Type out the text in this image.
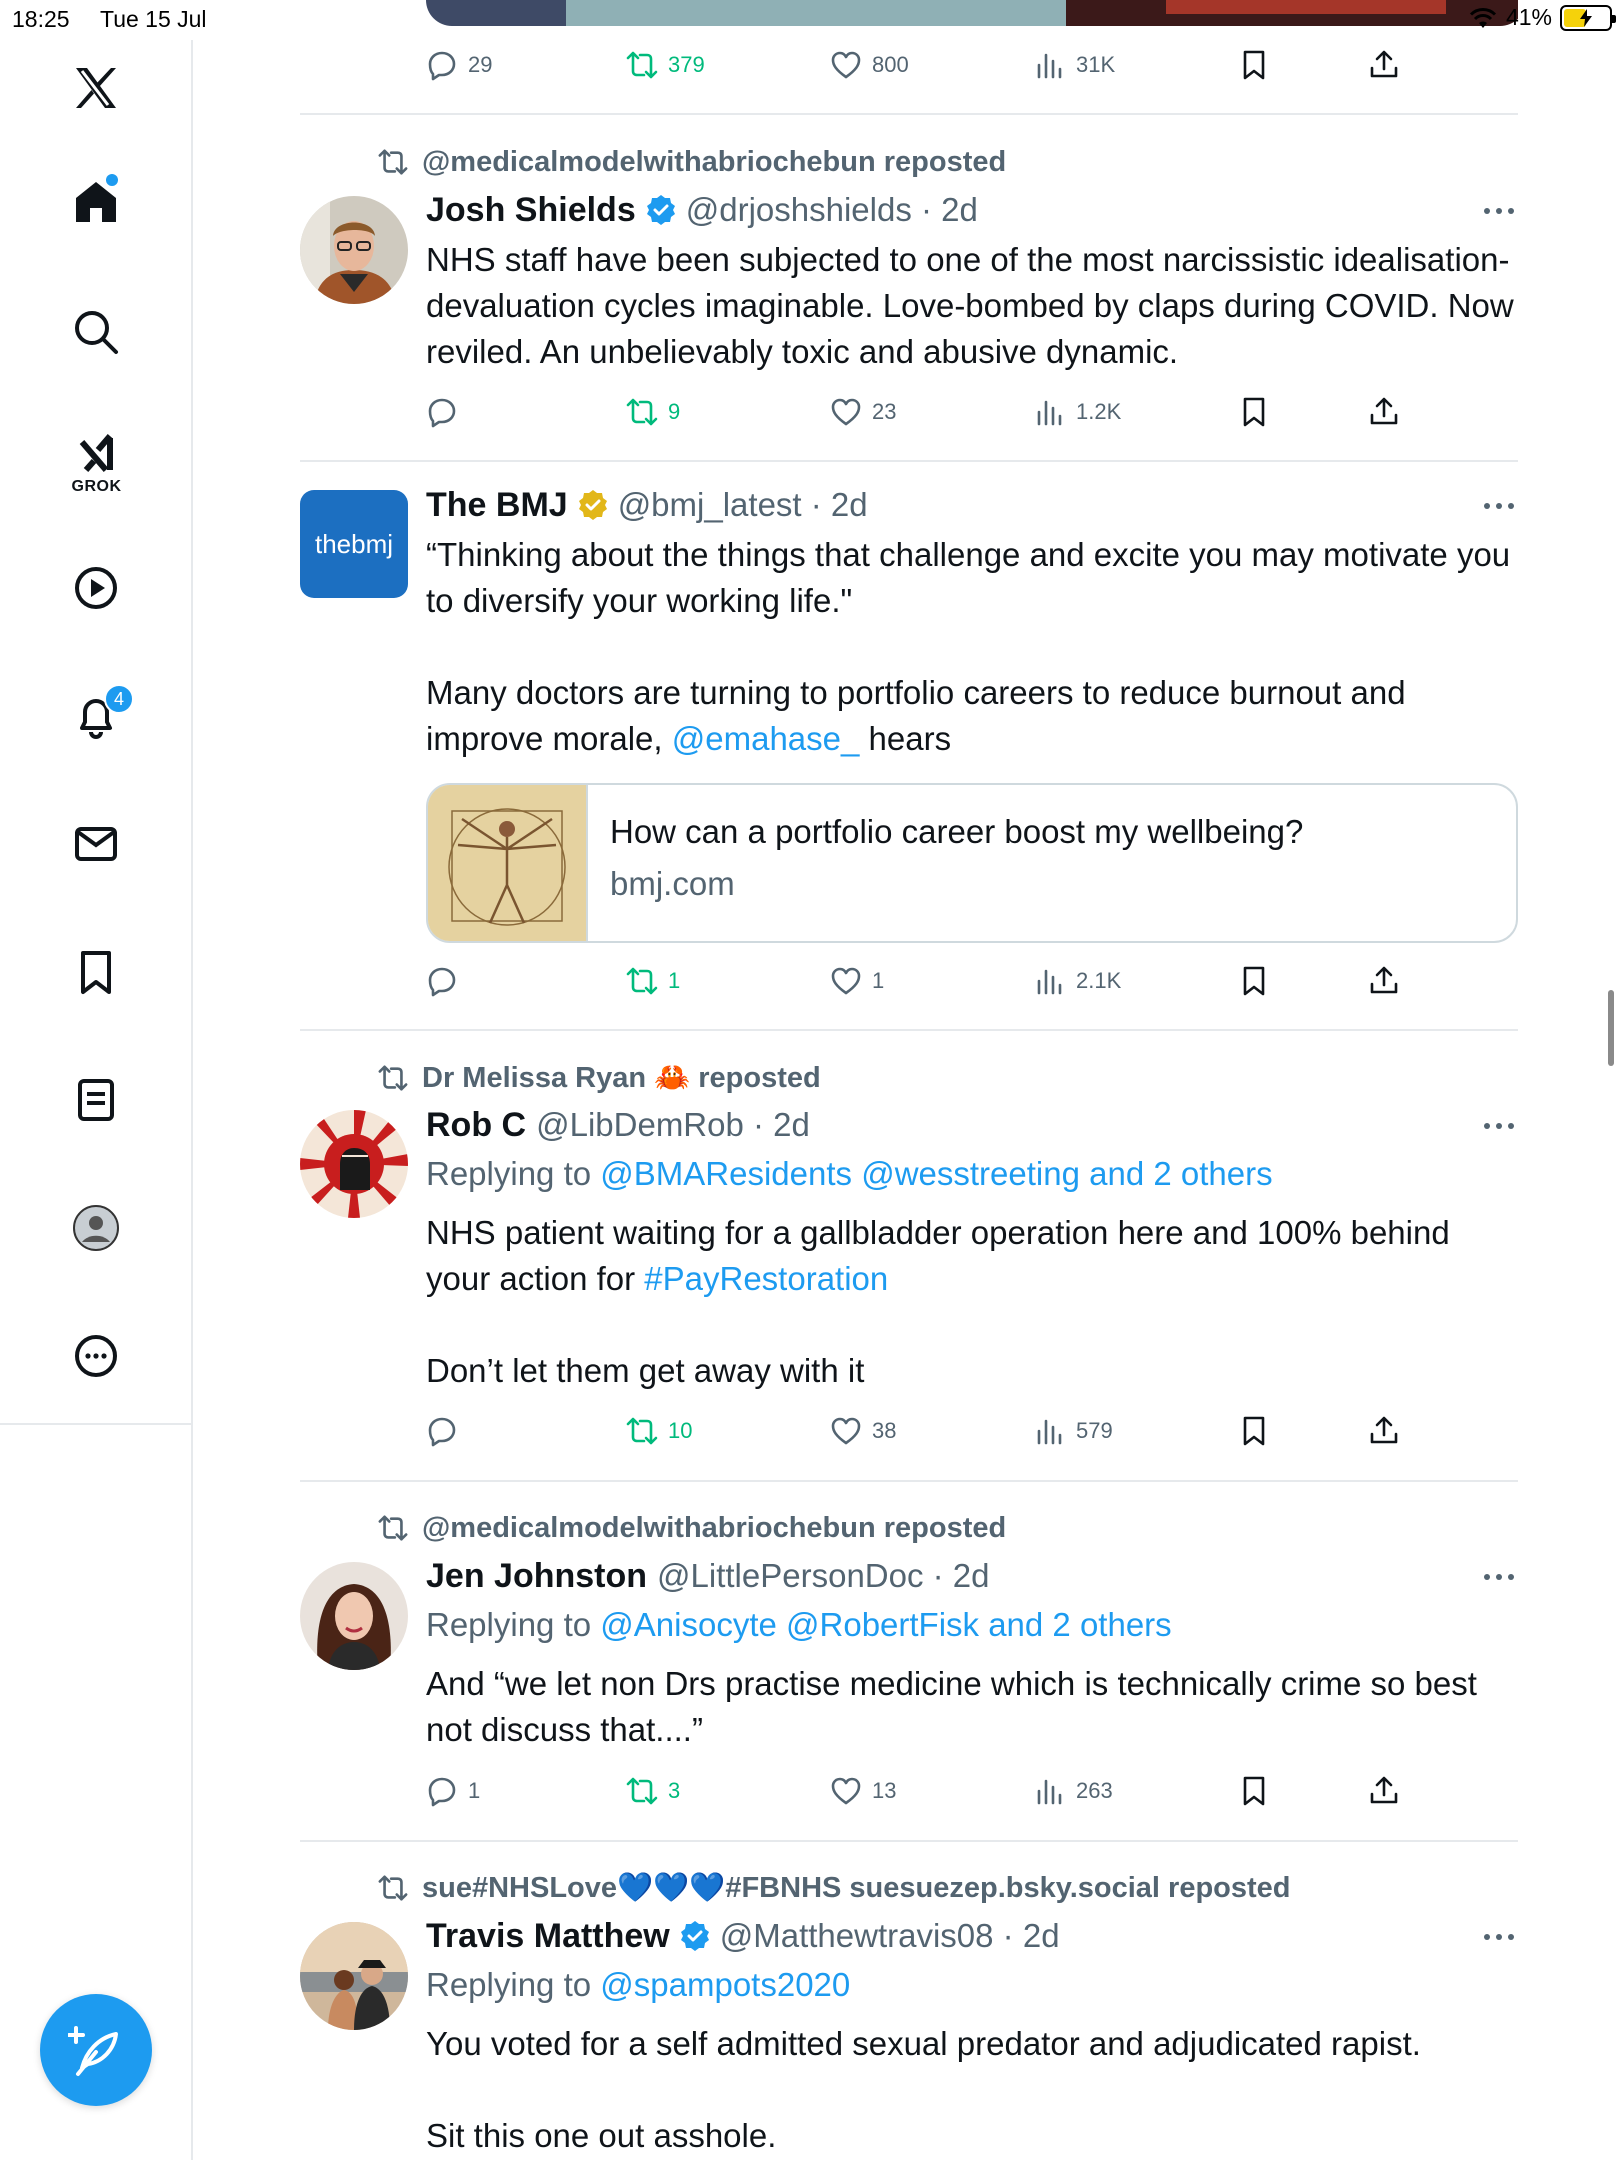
18:25 Tue 15 Jul	41%
GROK
4
29	379	800	31K
@medicalmodelwithabriochebun reposted
Josh Shields @drjoshshields · 2d

NHS staff have been subjected to one of the most narcissistic idealisation-devaluation cycles imaginable. Love-bombed by claps during COVID. Now reviled. An unbelievably toxic and abusive dynamic.

9	23	1.2K
thebmj
The BMJ @bmj_latest · 2d

“Thinking about the things that challenge and excite you may motivate you to diversify your working life."

Many doctors are turning to portfolio careers to reduce burnout and improve morale, @emahase_ hears

How can a portfolio career boost my wellbeing?
bmj.com
1	1	2.1K
Dr Melissa Ryan 🦀 reposted
Rob C @LibDemRob · 2d
Replying to @BMAResidents @wesstreeting and 2 others

NHS patient waiting for a gallbladder operation here and 100% behind your action for #PayRestoration

Don’t let them get away with it

10	38	579
@medicalmodelwithabriochebun reposted
Jen Johnston @LittlePersonDoc · 2d
Replying to @Anisocyte @RobertFisk and 2 others

And “we let non Drs practise medicine which is technically crime so best not discuss that....”

1	3	13	263
sue#NHSLove💙💙💙#FBNHS suesuezep.bsky.social reposted
Travis Matthew @Matthewtravis08 · 2d
Replying to @spampots2020

You voted for a self admitted sexual predator and adjudicated rapist.

Sit this one out asshole.
